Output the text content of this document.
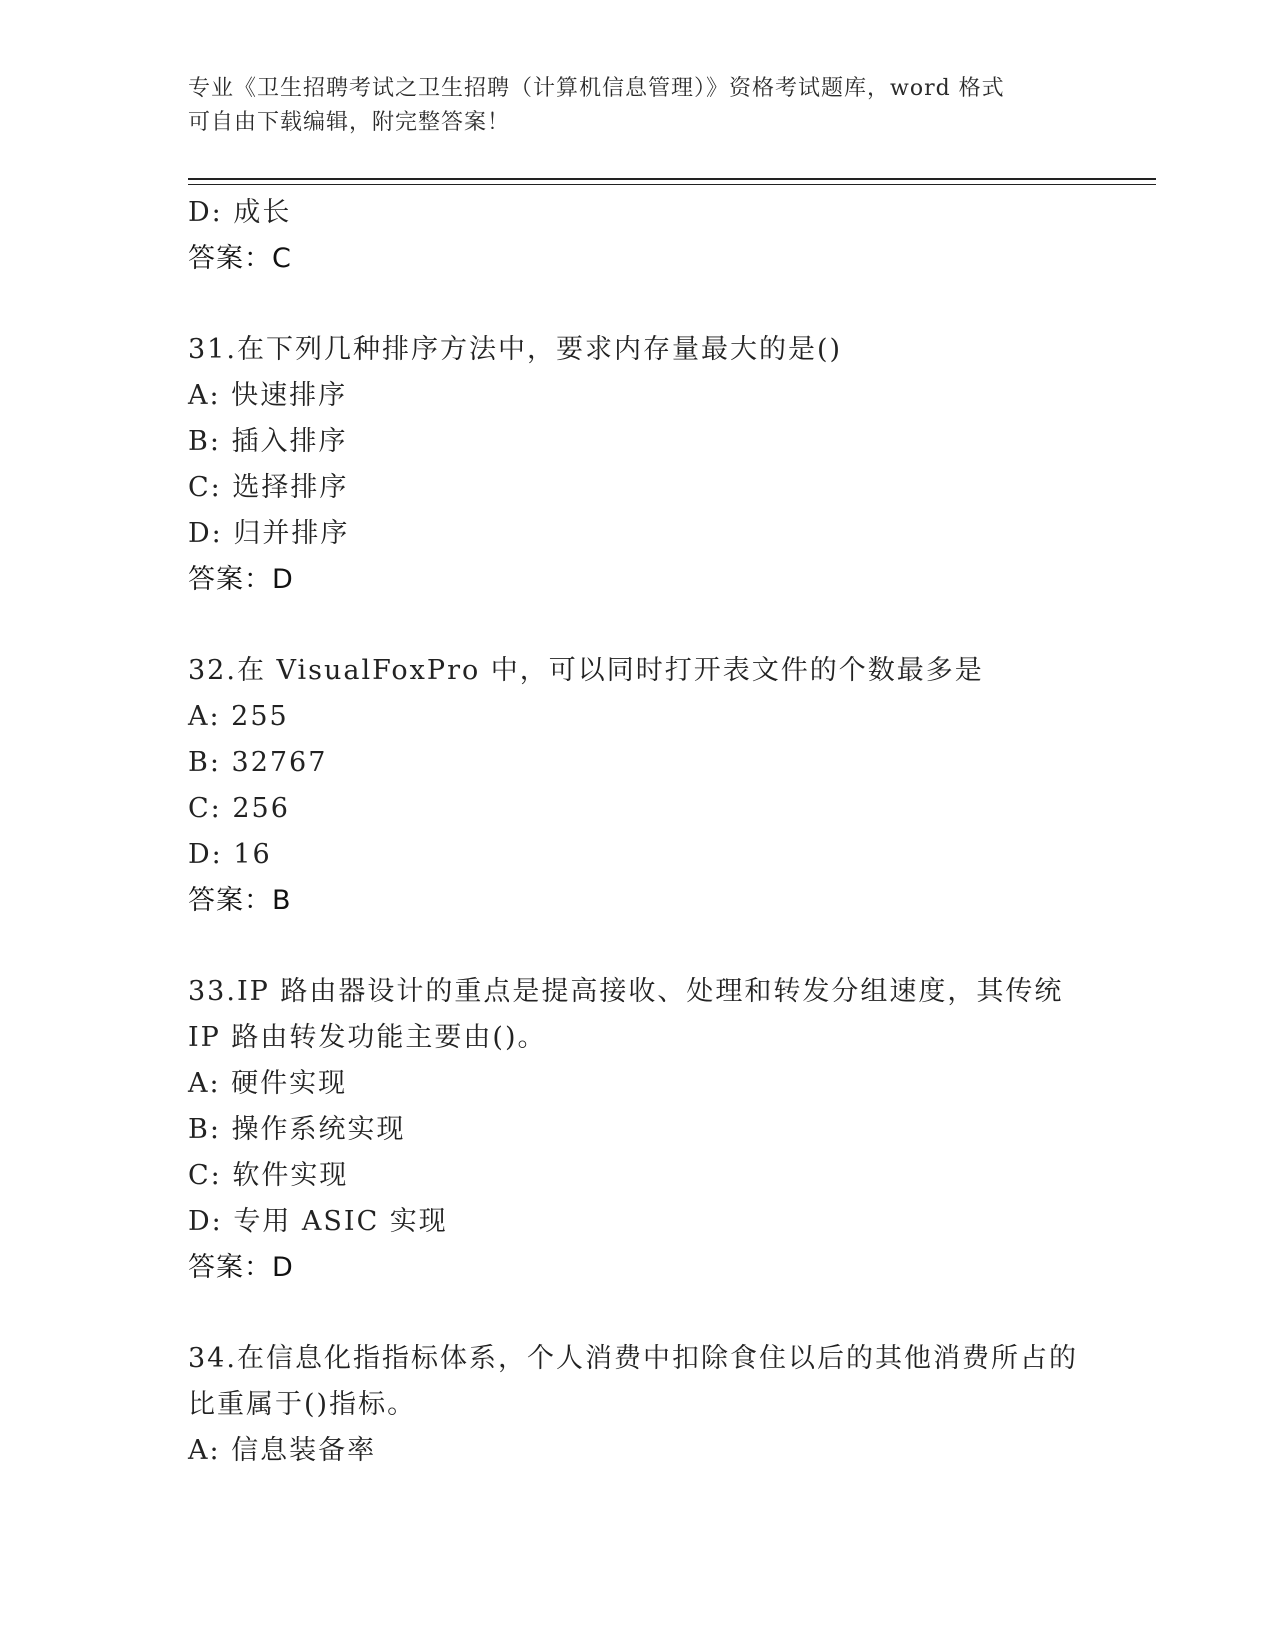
专业《卫生招聘考试之卫生招聘（计算机信息管理）》资格考试题库，word 格式
可自由下载编辑，附完整答案！
D: 成长
答案：C
31.在下列几种排序方法中，要求内存量最大的是()
A: 快速排序
B: 插入排序
C: 选择排序
D: 归并排序
答案：D
32.在 VisualFoxPro 中，可以同时打开表文件的个数最多是
A: 255
B: 32767
C: 256
D: 16
答案：B
33.IP 路由器设计的重点是提高接收、处理和转发分组速度，其传统
IP 路由转发功能主要由()。
A: 硬件实现
B: 操作系统实现
C: 软件实现
D: 专用 ASIC 实现
答案：D
34.在信息化指指标体系，个人消费中扣除食住以后的其他消费所占的
比重属于()指标。
A: 信息装备率
